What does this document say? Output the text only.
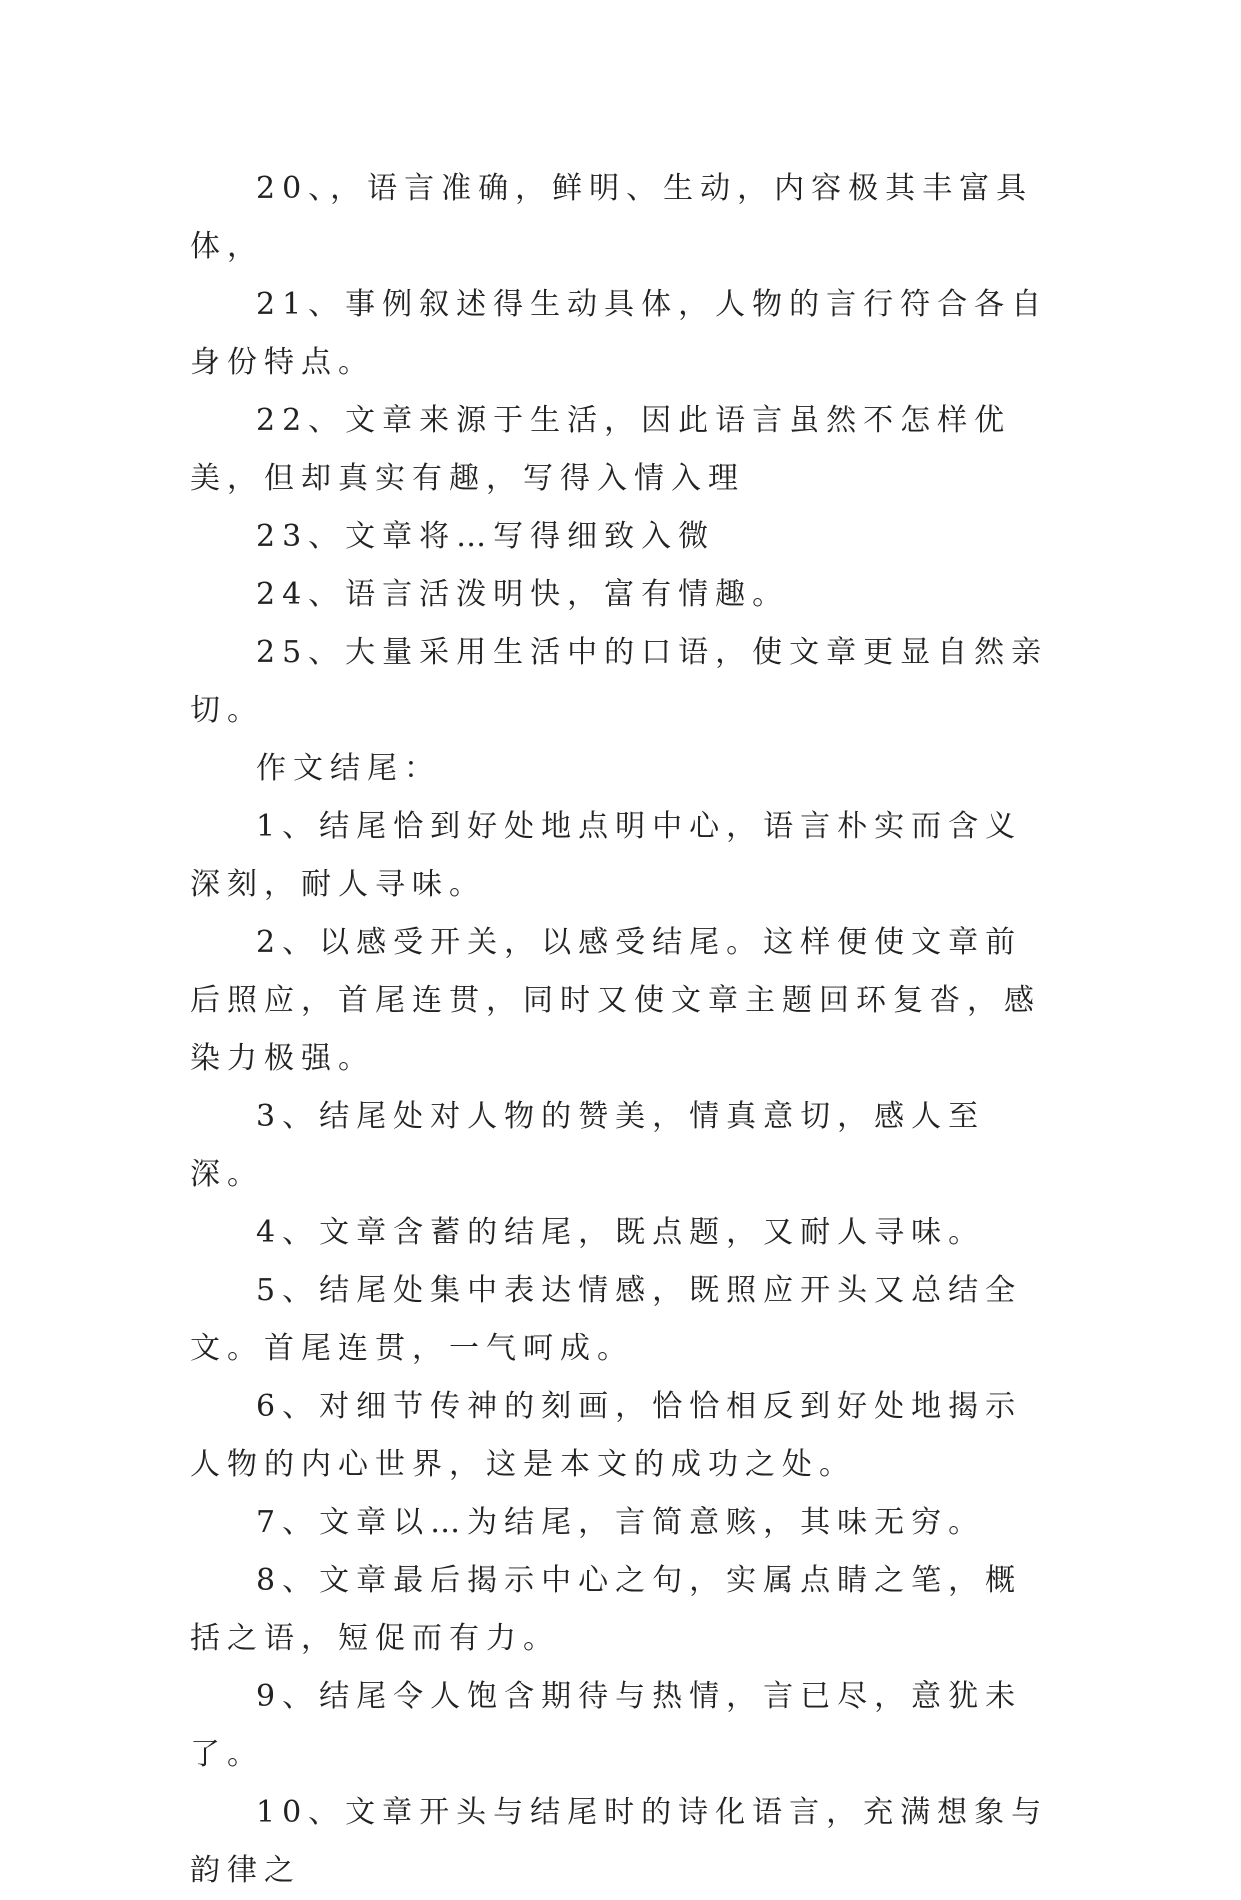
20、，语言准确，鲜明、生动，内容极其丰富具体，

21、事例叙述得生动具体，人物的言行符合各自身份特点。

22、文章来源于生活，因此语言虽然不怎样优美，但却真实有趣，写得入情入理

23、文章将…写得细致入微

24、语言活泼明快，富有情趣。

25、大量采用生活中的口语，使文章更显自然亲切。

作文结尾：

1、结尾恰到好处地点明中心，语言朴实而含义深刻，耐人寻味。

2、以感受开关，以感受结尾。这样便使文章前后照应，首尾连贯，同时又使文章主题回环复沓，感染力极强。

3、结尾处对人物的赞美，情真意切，感人至深。

4、文章含蓄的结尾，既点题，又耐人寻味。

5、结尾处集中表达情感，既照应开头又总结全文。首尾连贯，一气呵成。

6、对细节传神的刻画，恰恰相反到好处地揭示人物的内心世界，这是本文的成功之处。

7、文章以…为结尾，言简意赅，其味无穷。

8、文章最后揭示中心之句，实属点睛之笔，概括之语，短促而有力。

9、结尾令人饱含期待与热情，言已尽，意犹未了。

10、文章开头与结尾时的诗化语言，充满想象与韵律之
